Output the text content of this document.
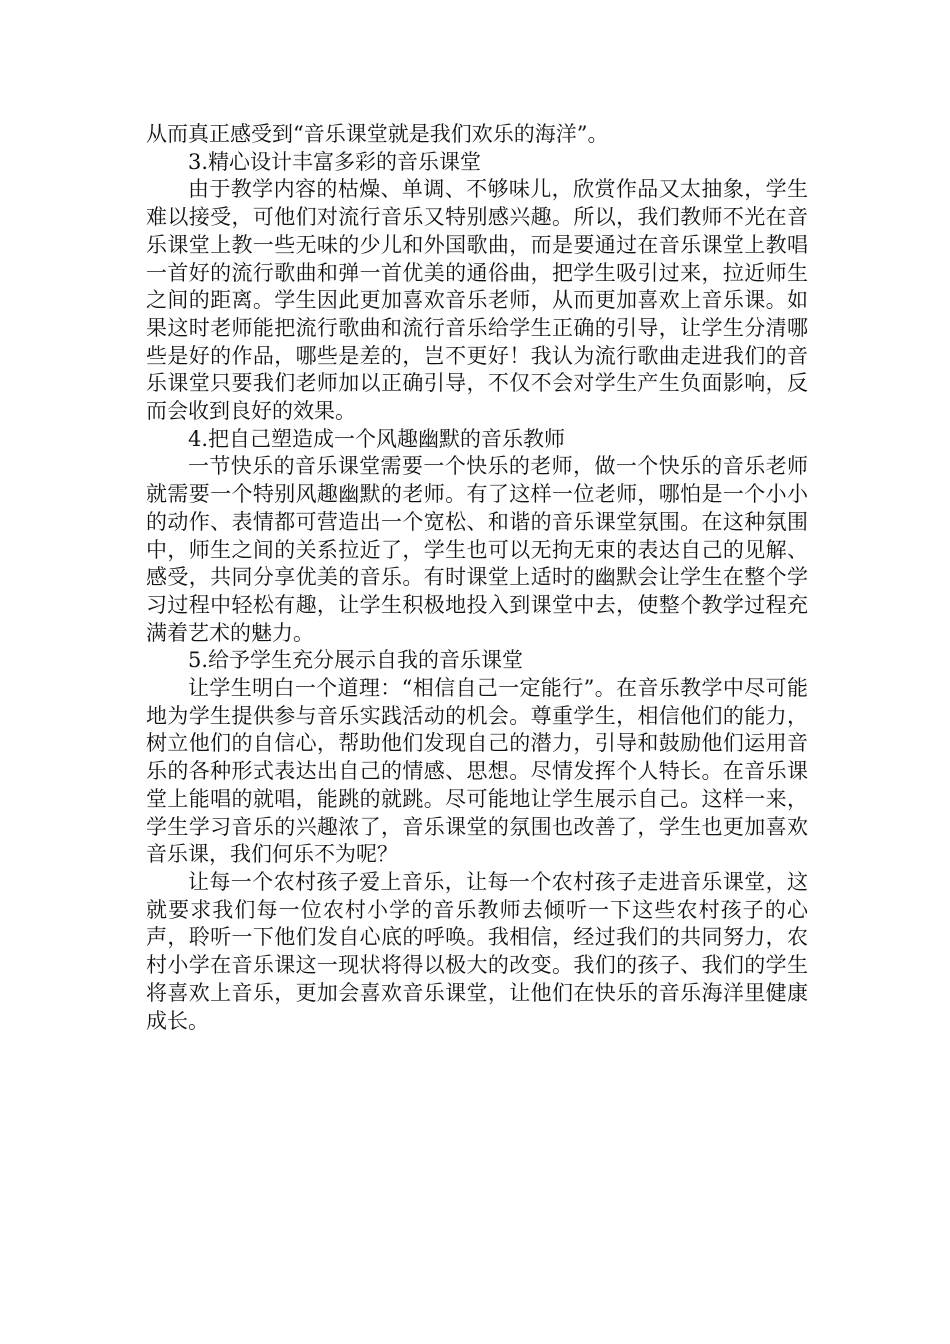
从而真正感受到“音乐课堂就是我们欢乐的海洋”。

3.精心设计丰富多彩的音乐课堂

由于教学内容的枯燥、单调、不够味儿，欣赏作品又太抽象，学生难以接受，可他们对流行音乐又特别感兴趣。所以，我们教师不光在音乐课堂上教一些无味的少儿和外国歌曲，而是要通过在音乐课堂上教唱一首好的流行歌曲和弹一首优美的通俗曲，把学生吸引过来，拉近师生之间的距离。学生因此更加喜欢音乐老师，从而更加喜欢上音乐课。如果这时老师能把流行歌曲和流行音乐给学生正确的引导，让学生分清哪些是好的作品，哪些是差的，岂不更好！我认为流行歌曲走进我们的音乐课堂只要我们老师加以正确引导，不仅不会对学生产生负面影响，反而会收到良好的效果。

4.把自己塑造成一个风趣幽默的音乐教师

一节快乐的音乐课堂需要一个快乐的老师，做一个快乐的音乐老师就需要一个特别风趣幽默的老师。有了这样一位老师，哪怕是一个小小的动作、表情都可营造出一个宽松、和谐的音乐课堂氛围。在这种氛围中，师生之间的关系拉近了，学生也可以无拘无束的表达自己的见解、感受，共同分享优美的音乐。有时课堂上适时的幽默会让学生在整个学习过程中轻松有趣，让学生积极地投入到课堂中去，使整个教学过程充满着艺术的魅力。

5.给予学生充分展示自我的音乐课堂

让学生明白一个道理：“相信自己一定能行”。在音乐教学中尽可能地为学生提供参与音乐实践活动的机会。尊重学生，相信他们的能力，树立他们的自信心，帮助他们发现自己的潜力，引导和鼓励他们运用音乐的各种形式表达出自己的情感、思想。尽情发挥个人特长。在音乐课堂上能唱的就唱，能跳的就跳。尽可能地让学生展示自己。这样一来，学生学习音乐的兴趣浓了，音乐课堂的氛围也改善了，学生也更加喜欢音乐课，我们何乐不为呢？

让每一个农村孩子爱上音乐，让每一个农村孩子走进音乐课堂，这就要求我们每一位农村小学的音乐教师去倾听一下这些农村孩子的心声，聆听一下他们发自心底的呼唤。我相信，经过我们的共同努力，农村小学在音乐课这一现状将得以极大的改变。我们的孩子、我们的学生将喜欢上音乐，更加会喜欢音乐课堂，让他们在快乐的音乐海洋里健康成长。
